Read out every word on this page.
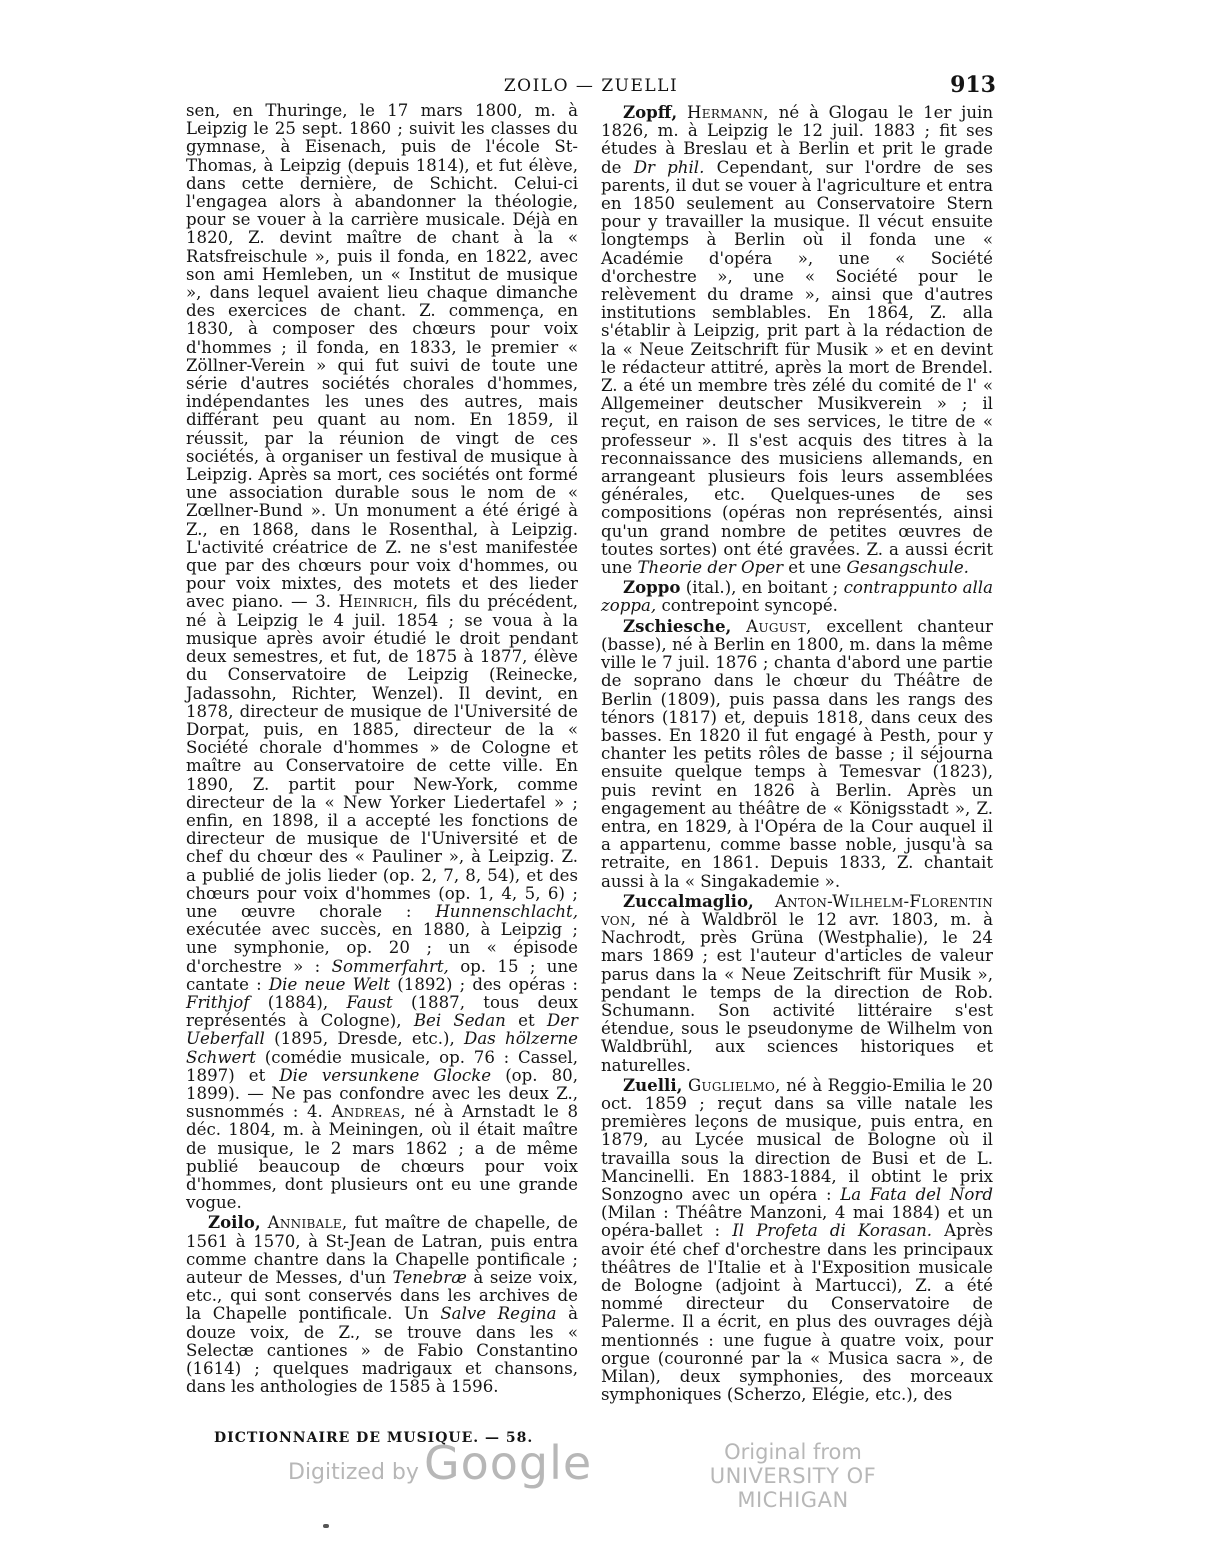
ZOILO — ZUELLI	913

sen, en Thuringe, le 17 mars 1800, m. à Leipzig le 25 sept. 1860 ; suivit les classes du gymnase, à Eisenach, puis de l'école St-Thomas, à Leipzig (depuis 1814), et fut élève, dans cette dernière, de Schicht. Celui-ci l'engagea alors à abandonner la théologie, pour se vouer à la carrière musicale. Déjà en 1820, Z. devint maître de chant à la « Ratsfreischule », puis il fonda, en 1822, avec son ami Hemleben, un « Institut de musique », dans lequel avaient lieu chaque dimanche des exercices de chant. Z. commença, en 1830, à composer des chœurs pour voix d'hommes ; il fonda, en 1833, le premier « Zöllner-Verein » qui fut suivi de toute une série d'autres sociétés chorales d'hommes, indépendantes les unes des autres, mais différant peu quant au nom. En 1859, il réussit, par la réunion de vingt de ces sociétés, à organiser un festival de musique à Leipzig. Après sa mort, ces sociétés ont formé une association durable sous le nom de « Zœllner-Bund ». Un monument a été érigé à Z., en 1868, dans le Rosenthal, à Leipzig. L'activité créatrice de Z. ne s'est manifestée que par des chœurs pour voix d'hommes, ou pour voix mixtes, des motets et des lieder avec piano. — 3. Heinrich, fils du précédent, né à Leipzig le 4 juil. 1854 ; se voua à la musique après avoir étudié le droit pendant deux semestres, et fut, de 1875 à 1877, élève du Conservatoire de Leipzig (Reinecke, Jadassohn, Richter, Wenzel). Il devint, en 1878, directeur de musique de l'Université de Dorpat, puis, en 1885, directeur de la « Société chorale d'hommes » de Cologne et maître au Conservatoire de cette ville. En 1890, Z. partit pour New-York, comme directeur de la « New Yorker Liedertafel » ; enfin, en 1898, il a accepté les fonctions de directeur de musique de l'Université et de chef du chœur des « Pauliner », à Leipzig. Z. a publié de jolis lieder (op. 2, 7, 8, 54), et des chœurs pour voix d'hommes (op. 1, 4, 5, 6) ; une œuvre chorale : Hunnenschlacht, exécutée avec succès, en 1880, à Leipzig ; une symphonie, op. 20 ; un « épisode d'orchestre » : Sommerfahrt, op. 15 ; une cantate : Die neue Welt (1892) ; des opéras : Frithjof (1884), Faust (1887, tous deux représentés à Cologne), Bei Sedan et Der Ueberfall (1895, Dresde, etc.), Das hölzerne Schwert (comédie musicale, op. 76 : Cassel, 1897) et Die versunkene Glocke (op. 80, 1899). — Ne pas confondre avec les deux Z., susnommés : 4. Andreas, né à Arnstadt le 8 déc. 1804, m. à Meiningen, où il était maître de musique, le 2 mars 1862 ; a de même publié beaucoup de chœurs pour voix d'hommes, dont plusieurs ont eu une grande vogue.

Zoilo, Annibale, fut maître de chapelle, de 1561 à 1570, à St-Jean de Latran, puis entra comme chantre dans la Chapelle pontificale ; auteur de Messes, d'un Tenebræ à seize voix, etc., qui sont conservés dans les archives de la Chapelle pontificale. Un Salve Regina à douze voix, de Z., se trouve dans les « Selectæ cantiones » de Fabio Constantino (1614) ; quelques madrigaux et chansons, dans les anthologies de 1585 à 1596.

Zopff, Hermann, né à Glogau le 1er juin 1826, m. à Leipzig le 12 juil. 1883 ; fit ses études à Breslau et à Berlin et prit le grade de Dr phil. Cependant, sur l'ordre de ses parents, il dut se vouer à l'agriculture et entra en 1850 seulement au Conservatoire Stern pour y travailler la musique. Il vécut ensuite longtemps à Berlin où il fonda une « Académie d'opéra », une « Société d'orchestre », une « Société pour le relèvement du drame », ainsi que d'autres institutions semblables. En 1864, Z. alla s'établir à Leipzig, prit part à la rédaction de la « Neue Zeitschrift für Musik » et en devint le rédacteur attitré, après la mort de Brendel. Z. a été un membre très zélé du comité de l' « Allgemeiner deutscher Musikverein » ; il reçut, en raison de ses services, le titre de « professeur ». Il s'est acquis des titres à la reconnaissance des musiciens allemands, en arrangeant plusieurs fois leurs assemblées générales, etc. Quelques-unes de ses compositions (opéras non représentés, ainsi qu'un grand nombre de petites œuvres de toutes sortes) ont été gravées. Z. a aussi écrit une Theorie der Oper et une Gesangschule.

Zoppo (ital.), en boitant ; contrappunto alla zoppa, contrepoint syncopé.

Zschiesche, August, excellent chanteur (basse), né à Berlin en 1800, m. dans la même ville le 7 juil. 1876 ; chanta d'abord une partie de soprano dans le chœur du Théâtre de Berlin (1809), puis passa dans les rangs des ténors (1817) et, depuis 1818, dans ceux des basses. En 1820 il fut engagé à Pesth, pour y chanter les petits rôles de basse ; il séjourna ensuite quelque temps à Temesvar (1823), puis revint en 1826 à Berlin. Après un engagement au théâtre de « Königsstadt », Z. entra, en 1829, à l'Opéra de la Cour auquel il a appartenu, comme basse noble, jusqu'à sa retraite, en 1861. Depuis 1833, Z. chantait aussi à la « Singakademie ».

Zuccalmaglio, Anton-Wilhelm-Florentin von, né à Waldbröl le 12 avr. 1803, m. à Nachrodt, près Grüna (Westphalie), le 24 mars 1869 ; est l'auteur d'articles de valeur parus dans la « Neue Zeitschrift für Musik », pendant le temps de la direction de Rob. Schumann. Son activité littéraire s'est étendue, sous le pseudonyme de Wilhelm von Waldbrühl, aux sciences historiques et naturelles.

Zuelli, Guglielmo, né à Reggio-Emilia le 20 oct. 1859 ; reçut dans sa ville natale les premières leçons de musique, puis entra, en 1879, au Lycée musical de Bologne où il travailla sous la direction de Busi et de L. Mancinelli. En 1883-1884, il obtint le prix Sonzogno avec un opéra : La Fata del Nord (Milan : Théâtre Manzoni, 4 mai 1884) et un opéra-ballet : Il Profeta di Korasan. Après avoir été chef d'orchestre dans les principaux théâtres de l'Italie et à l'Exposition musicale de Bologne (adjoint à Martucci), Z. a été nommé directeur du Conservatoire de Palerme. Il a écrit, en plus des ouvrages déjà mentionnés : une fugue à quatre voix, pour orgue (couronné par la « Musica sacra », de Milan), deux symphonies, des morceaux symphoniques (Scherzo, Elégie, etc.), des

DICTIONNAIRE DE MUSIQUE. — 58.
Digitized by Google	Original from
UNIVERSITY OF MICHIGAN
